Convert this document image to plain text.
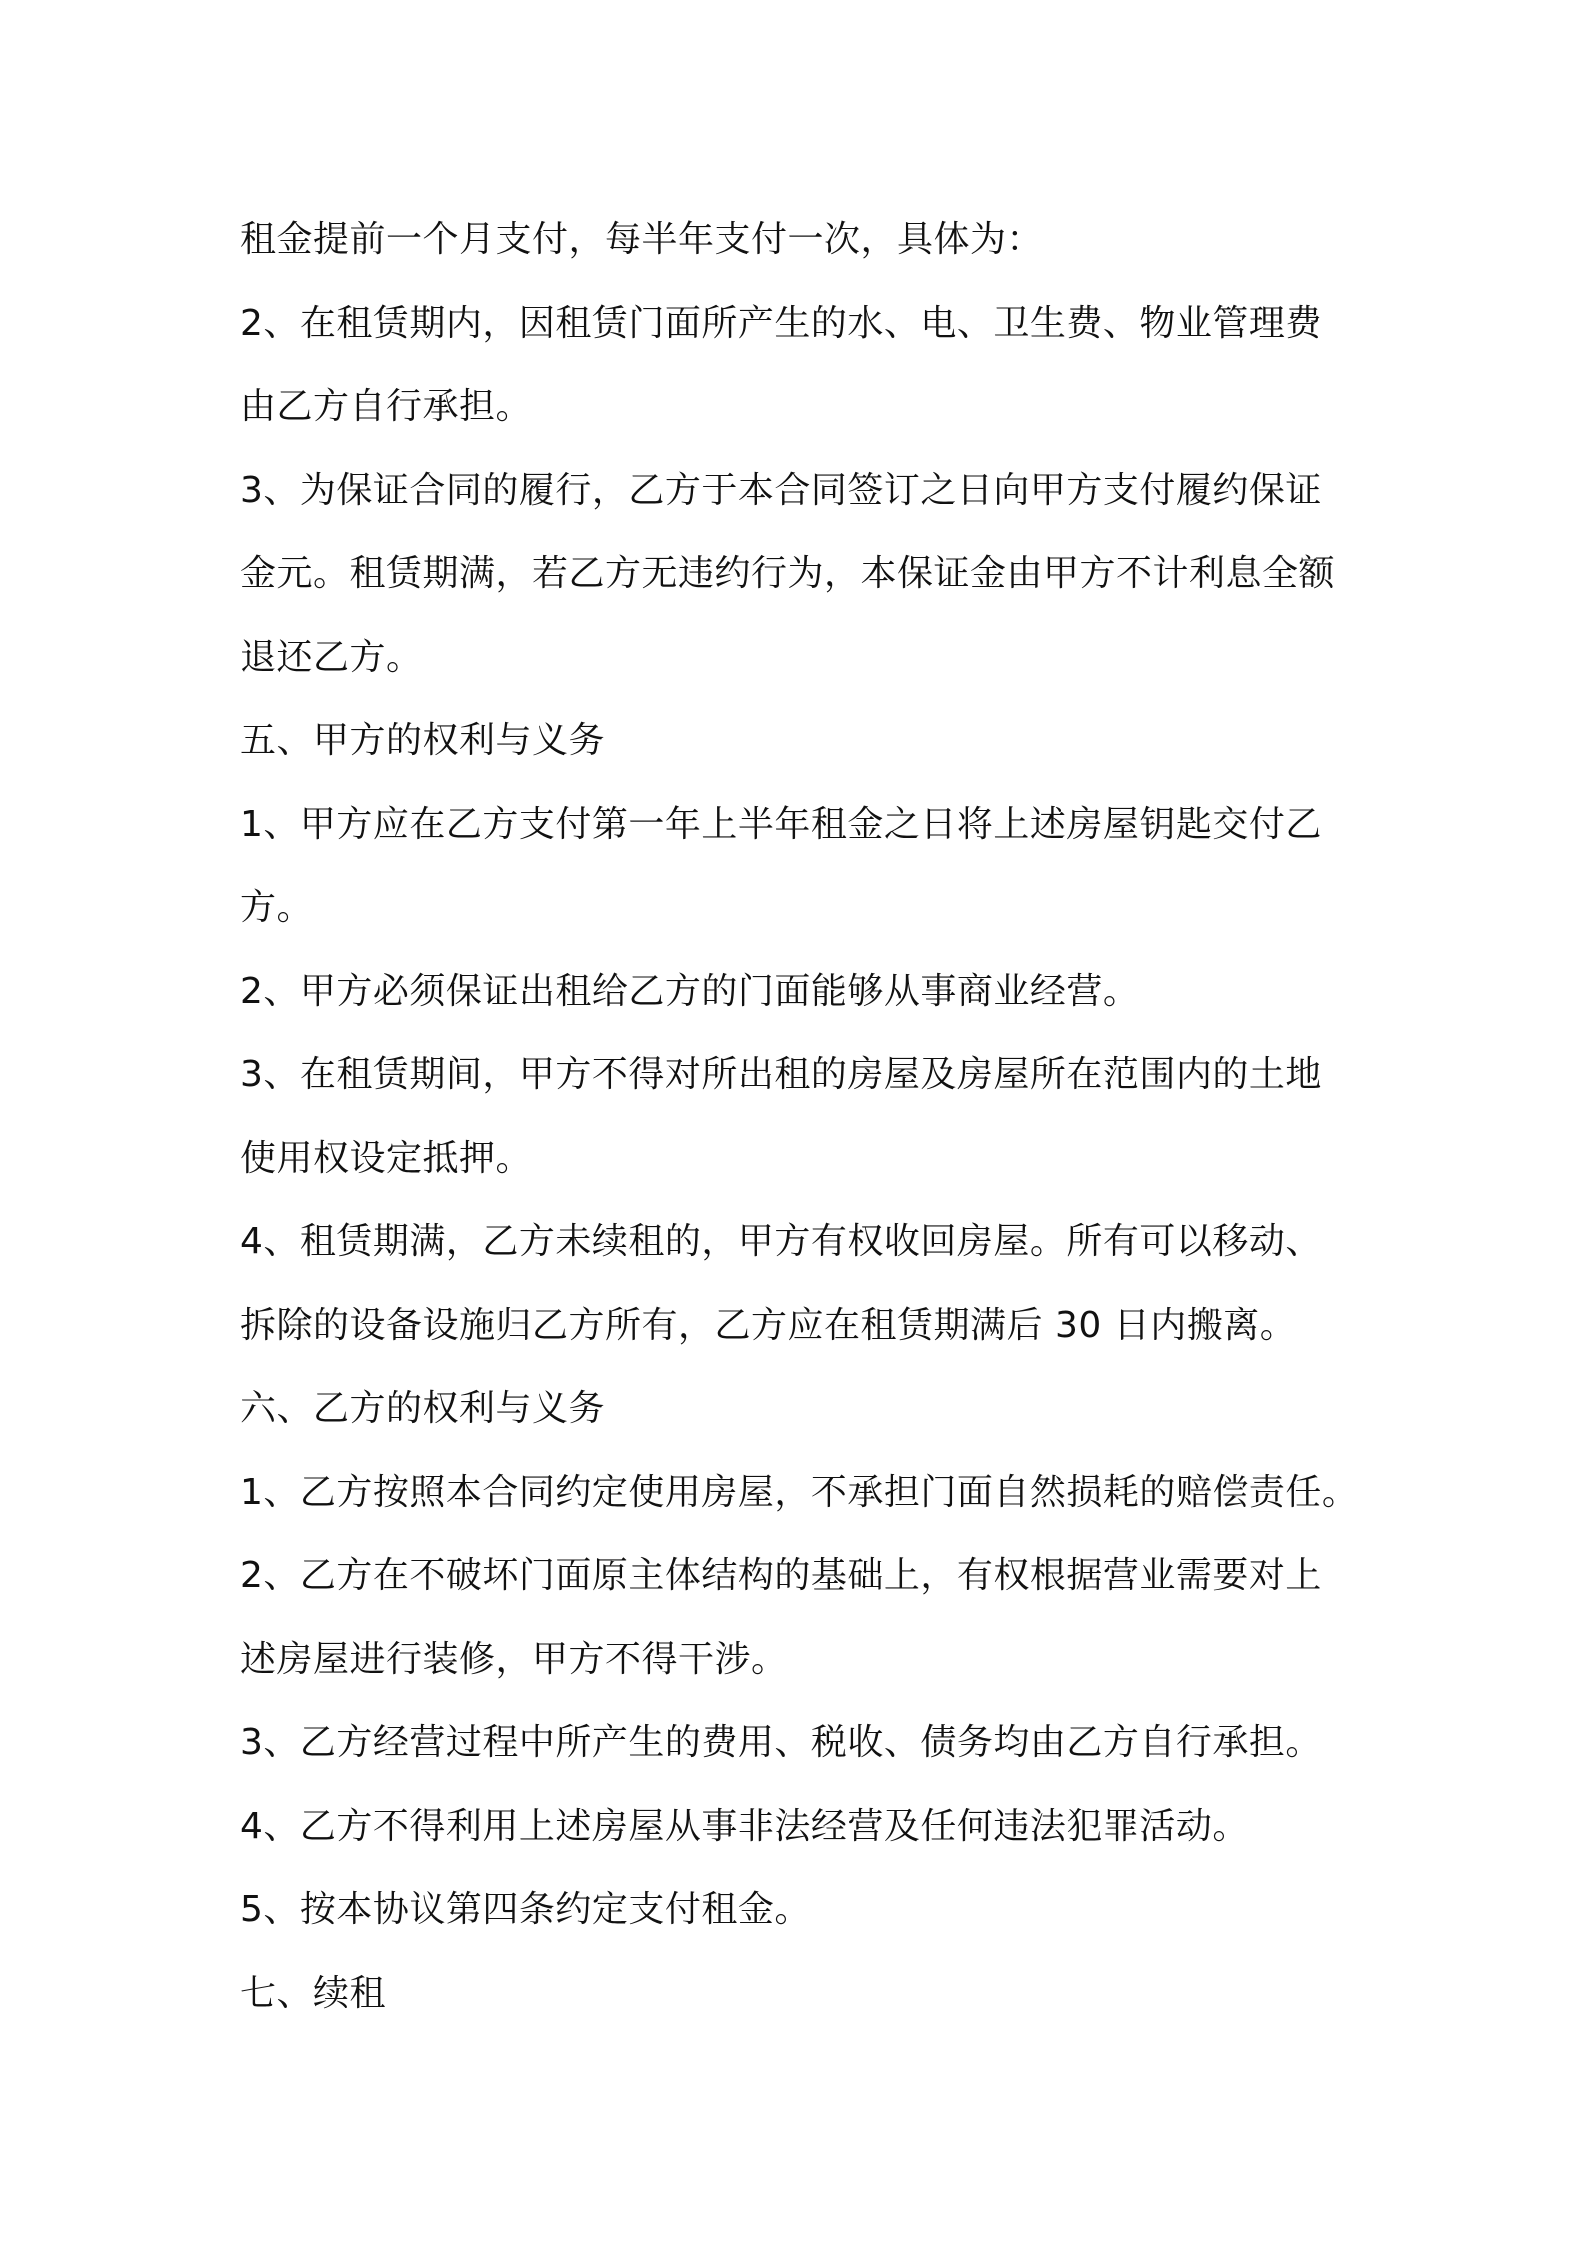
租金提前一个月支付，每半年支付一次，具体为：
2、在租赁期内，因租赁门面所产生的水、电、卫生费、物业管理费
由乙方自行承担。
3、为保证合同的履行，乙方于本合同签订之日向甲方支付履约保证
金元。租赁期满，若乙方无违约行为，本保证金由甲方不计利息全额
退还乙方。
五、甲方的权利与义务
1、甲方应在乙方支付第一年上半年租金之日将上述房屋钥匙交付乙
方。
2、甲方必须保证出租给乙方的门面能够从事商业经营。
3、在租赁期间，甲方不得对所出租的房屋及房屋所在范围内的土地
使用权设定抵押。
4、租赁期满，乙方未续租的，甲方有权收回房屋。所有可以移动、
拆除的设备设施归乙方所有，乙方应在租赁期满后 30 日内搬离。
六、乙方的权利与义务
1、乙方按照本合同约定使用房屋，不承担门面自然损耗的赔偿责任。
2、乙方在不破坏门面原主体结构的基础上，有权根据营业需要对上
述房屋进行装修，甲方不得干涉。
3、乙方经营过程中所产生的费用、税收、债务均由乙方自行承担。
4、乙方不得利用上述房屋从事非法经营及任何违法犯罪活动。
5、按本协议第四条约定支付租金。
七、续租
